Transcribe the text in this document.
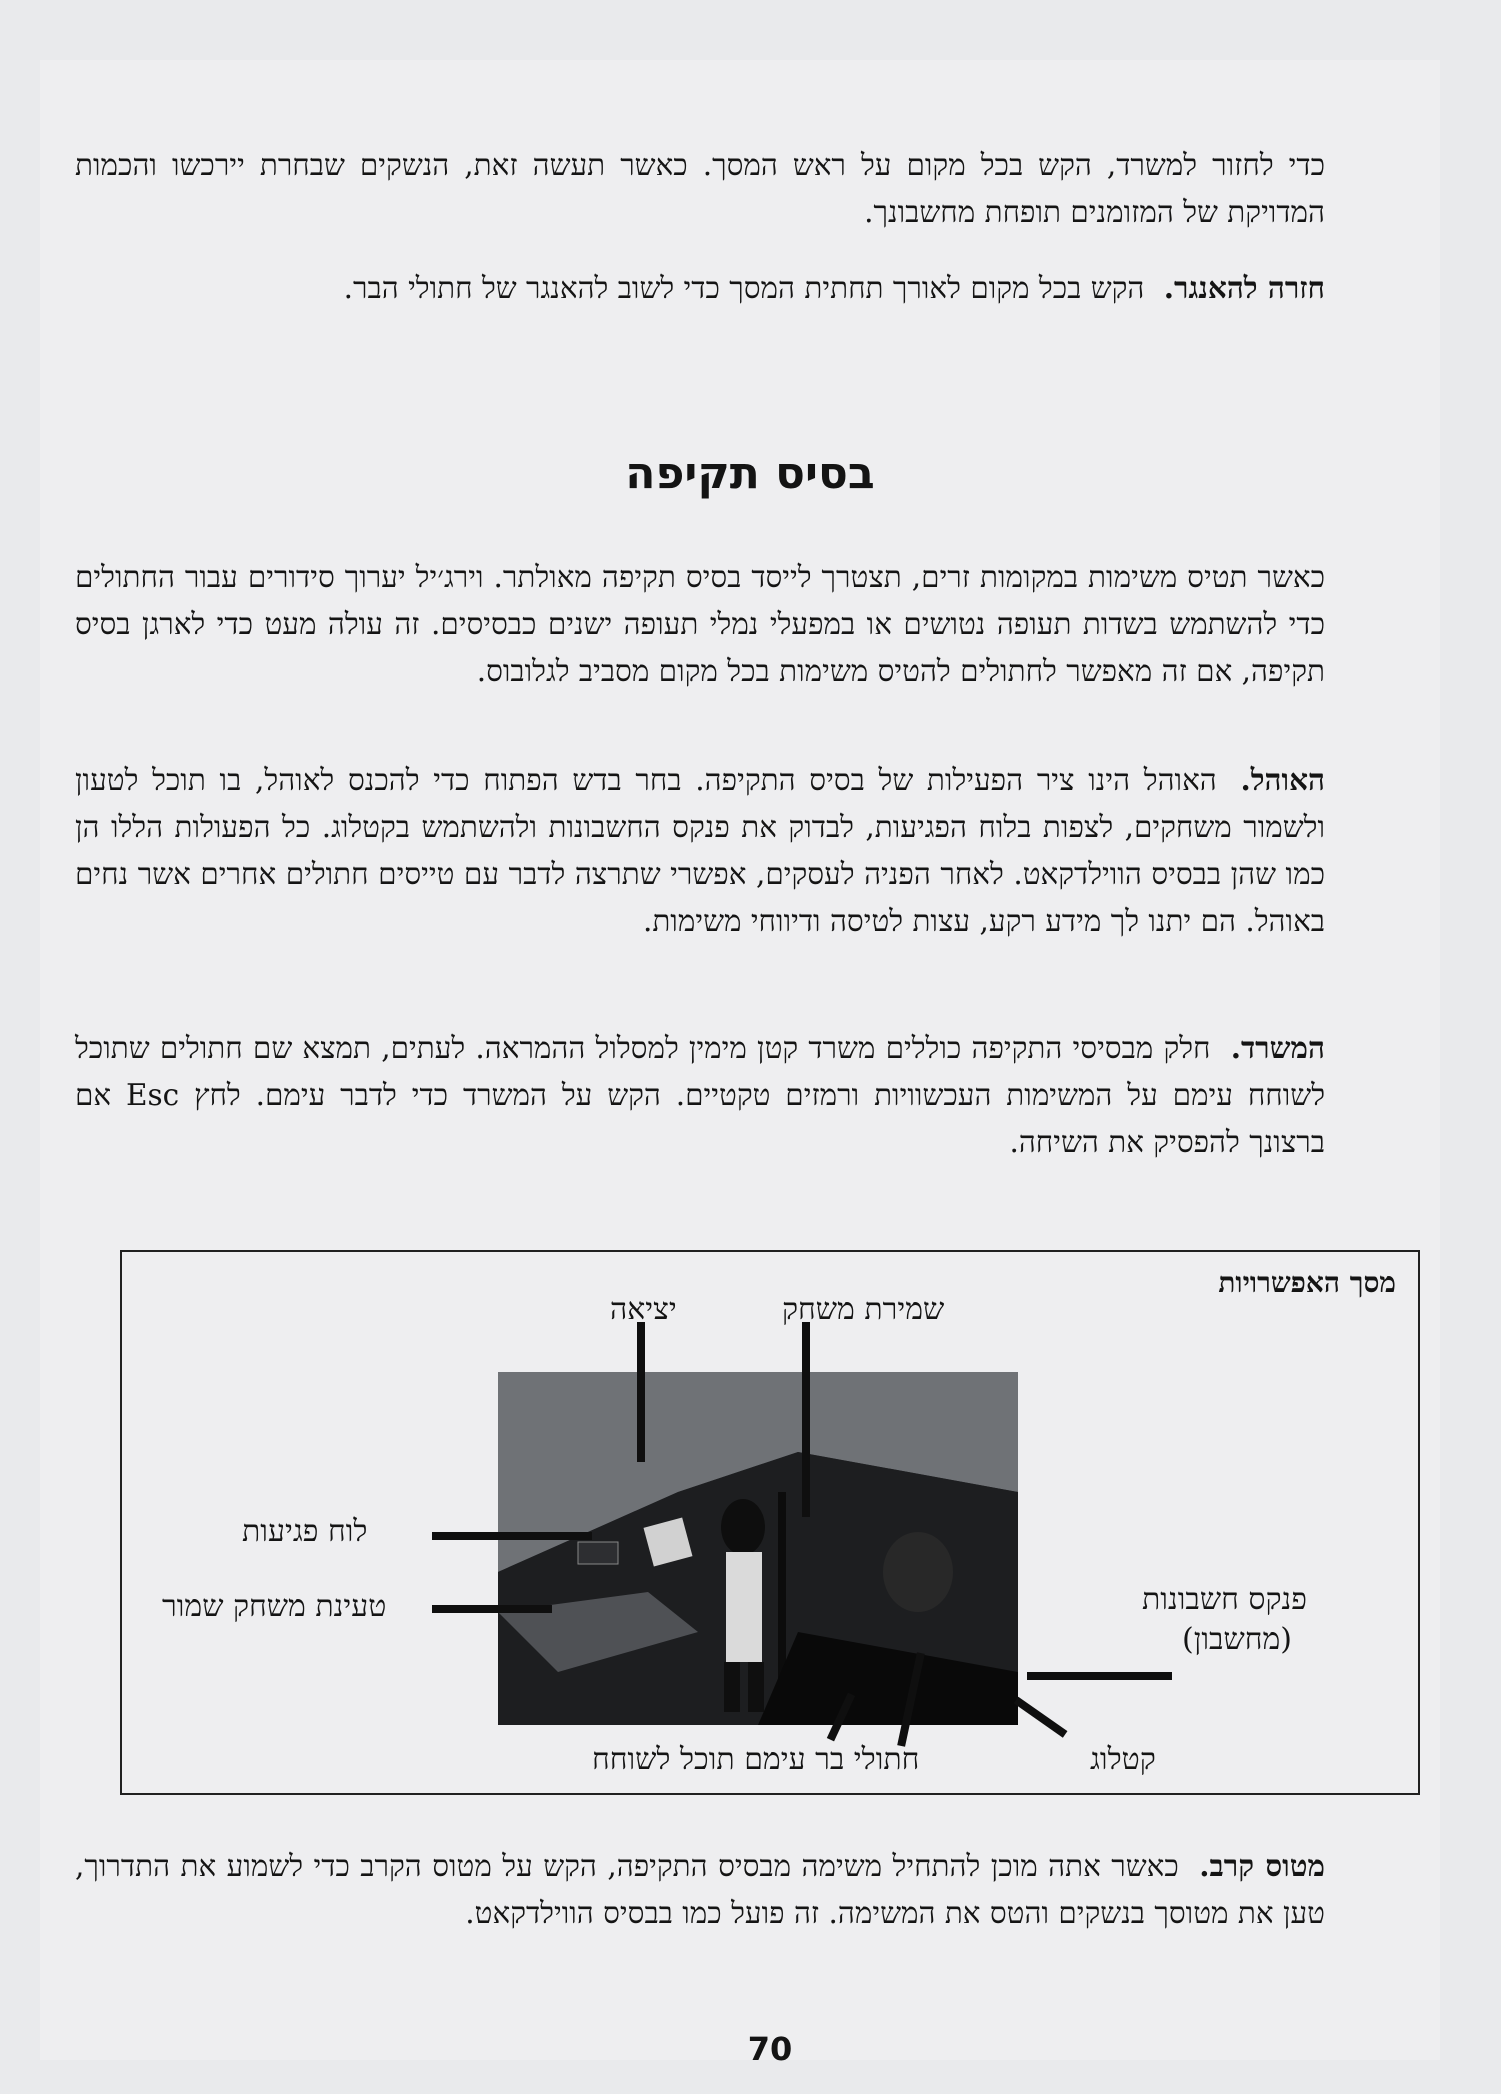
כדי לחזור למשרד, הקש בכל מקום על ראש המסך. כאשר תעשה זאת, הנשקים שבחרת יירכשו והכמות המדויקת של המזומנים תופחת מחשבונך.
חזרה להאנגר. הקש בכל מקום לאורך תחתית המסך כדי לשוב להאנגר של חתולי הבר.
בסיס תקיפה
כאשר תטיס משימות במקומות זרים, תצטרך לייסד בסיס תקיפה מאולתר. וירג׳יל יערוך סידורים עבור החתולים כדי להשתמש בשדות תעופה נטושים או במפעלי נמלי תעופה ישנים כבסיסים. זה עולה מעט כדי לארגן בסיס תקיפה, אם זה מאפשר לחתולים להטיס משימות בכל מקום מסביב לגלובוס.
האוהל. האוהל הינו ציר הפעילות של בסיס התקיפה. בחר בדש הפתוח כדי להכנס לאוהל, בו תוכל לטעון ולשמור משחקים, לצפות בלוח הפגיעות, לבדוק את פנקס החשבונות ולהשתמש בקטלוג. כל הפעולות הללו הן כמו שהן בבסיס הווילדקאט. לאחר הפניה לעסקים, אפשרי שתרצה לדבר עם טייסים חתולים אחרים אשר נחים באוהל. הם יתנו לך מידע רקע, עצות לטיסה ודיווחי משימות.
המשרד. חלק מבסיסי התקיפה כוללים משרד קטן מימין למסלול ההמראה. לעתים, תמצא שם חתולים שתוכל לשוחח עימם על המשימות העכשוויות ורמזים טקטיים. הקש על המשרד כדי לדבר עימם. לחץ Esc אם ברצונך להפסיק את השיחה.
מסך האפשרויות
יציאה	שמירת משחק
לוח פגיעות
טעינת משחק שמור	פנקס חשבונות
(מחשבון)
קטלוג
חתולי בר עימם תוכל לשוחח
מטוס קרב. כאשר אתה מוכן להתחיל משימה מבסיס התקיפה, הקש על מטוס הקרב כדי לשמוע את התדרוך, טען את מטוסך בנשקים והטס את המשימה. זה פועל כמו בבסיס הווילדקאט.
70
